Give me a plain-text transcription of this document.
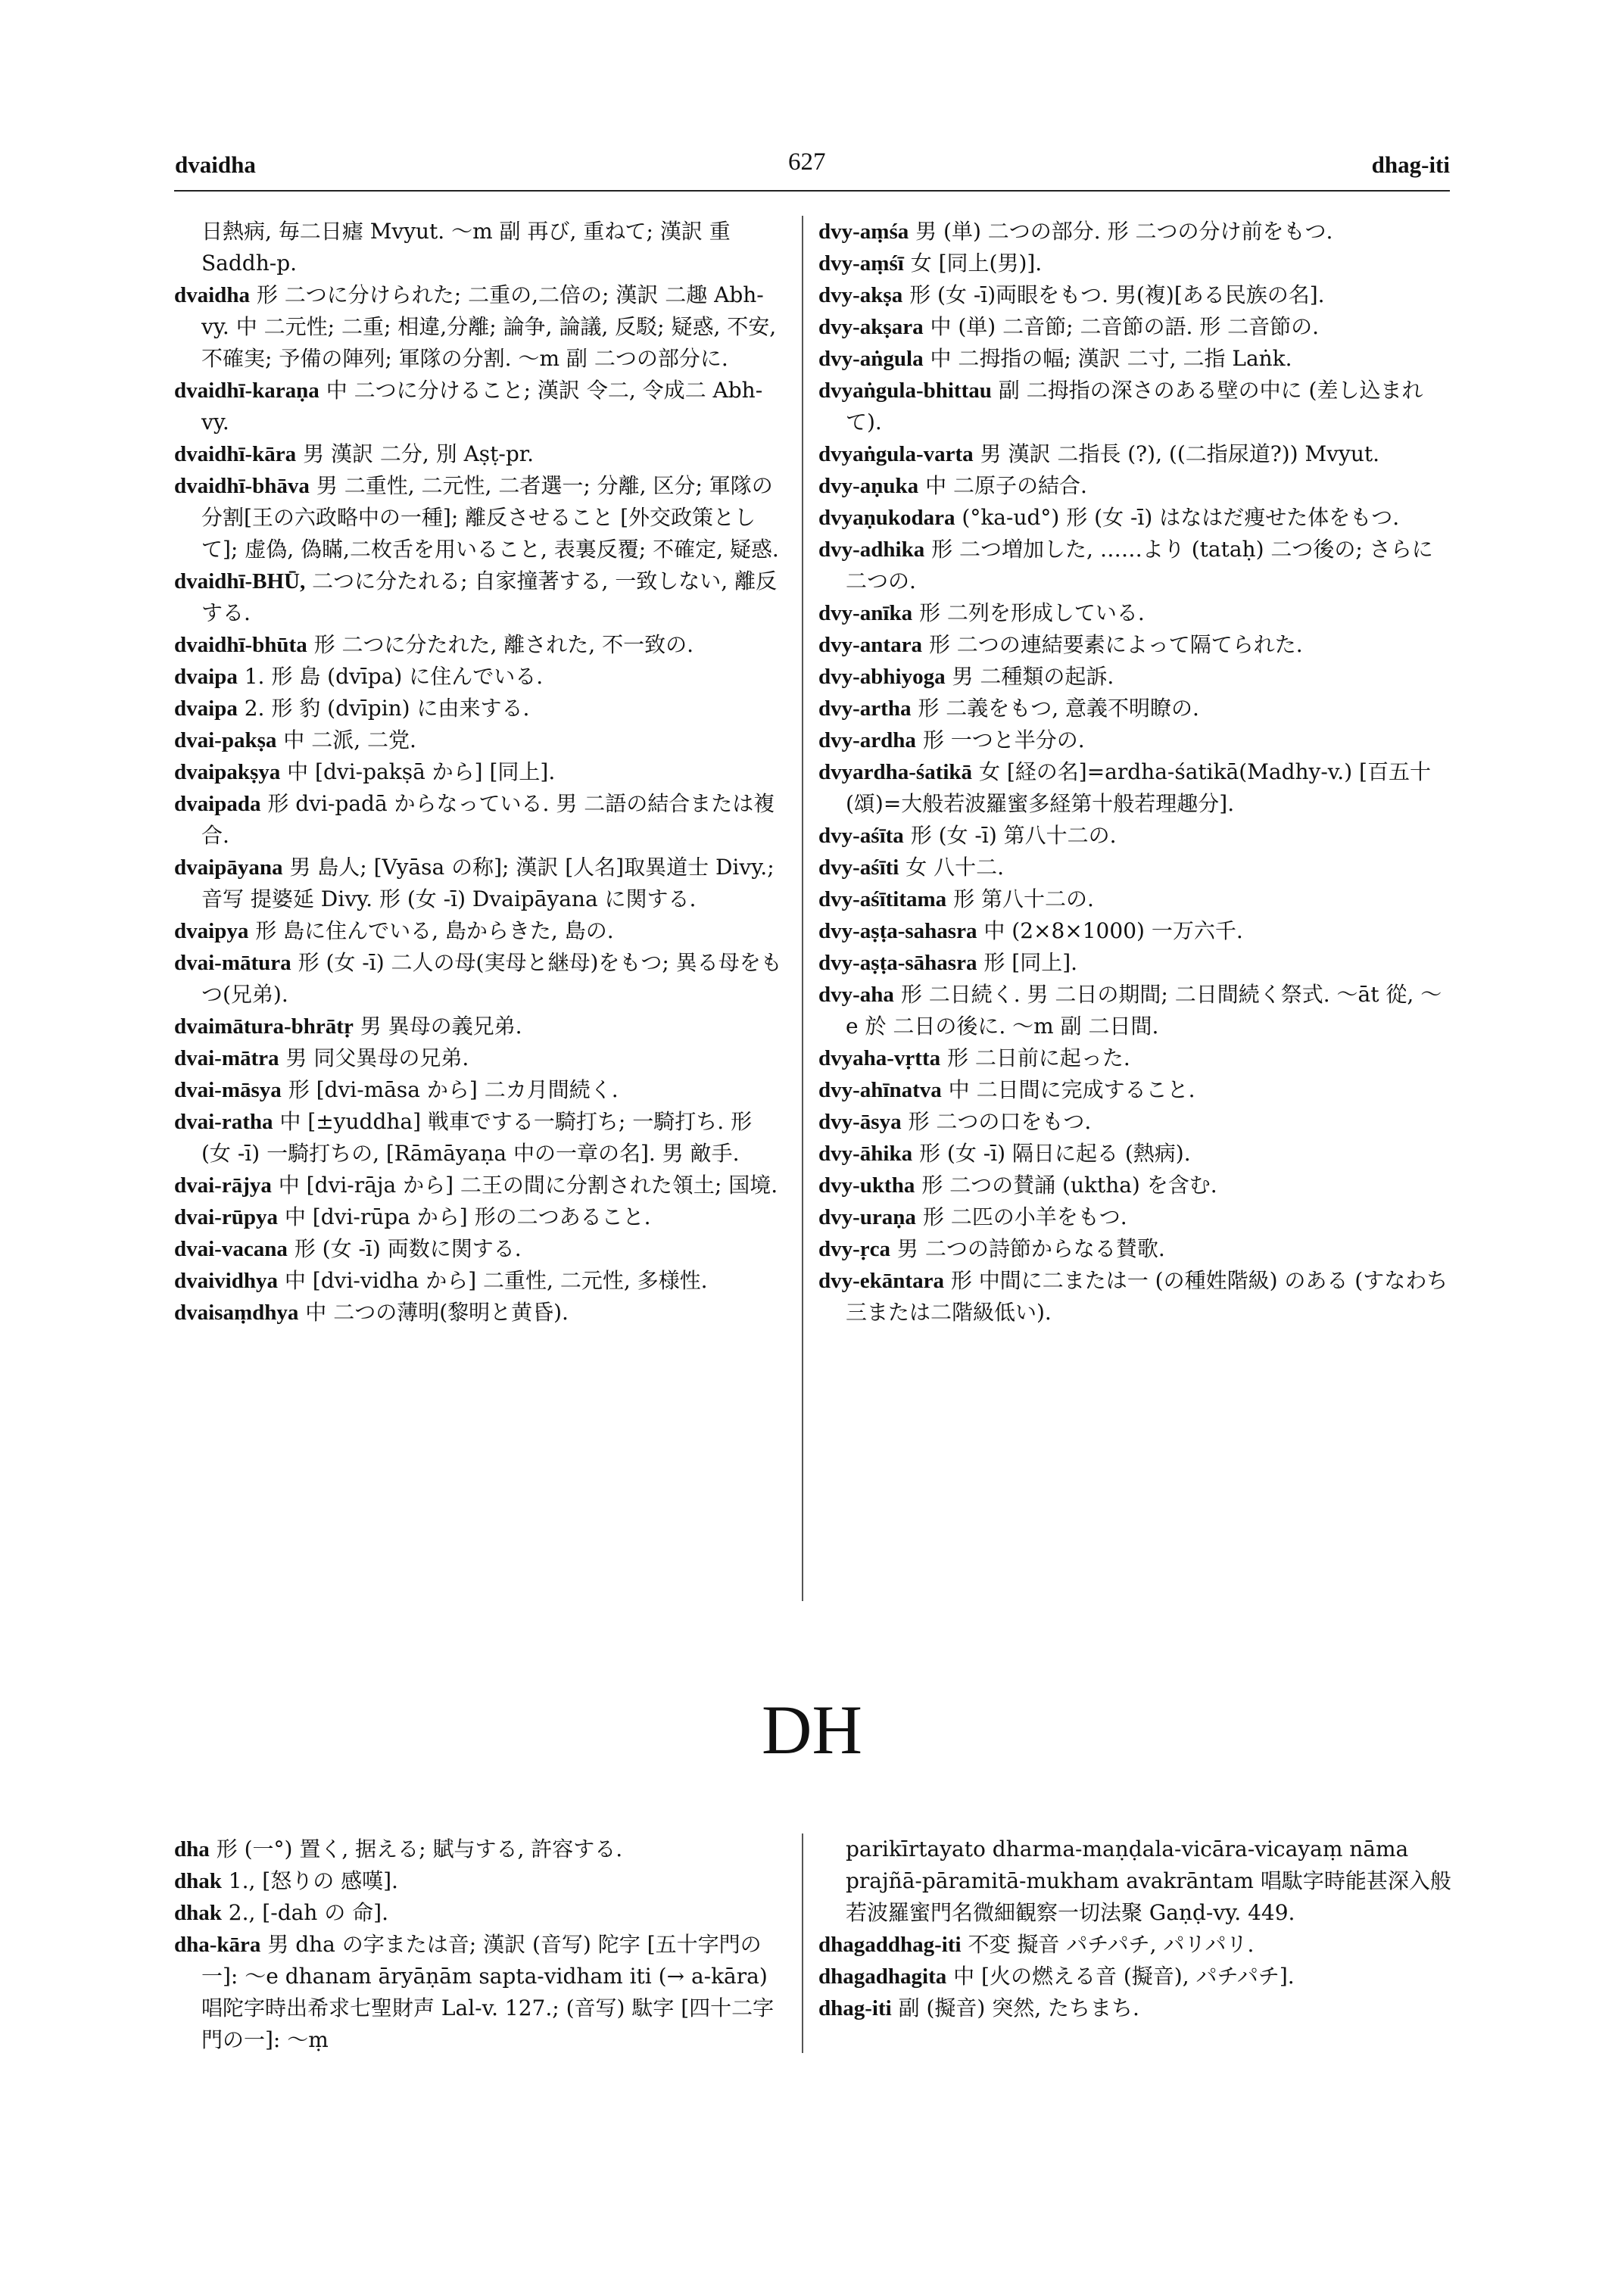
dvaidha	627	dhag-iti
日熱病, 毎二日瘧 Mvyut. ～m 副 再び, 重ねて; 漢訳 重 Saddh-p.
dvaidha 形 二つに分けられた; 二重の,二倍の; 漢訳 二趣 Abh-vy. 中 二元性; 二重; 相違,分離; 論争, 論議, 反駁; 疑惑, 不安, 不確実; 予備の陣列; 軍隊の分割. ～m 副 二つの部分に.
dvaidhī-karaṇa 中 二つに分けること; 漢訳 令二, 令成二 Abh-vy.
dvaidhī-kāra 男 漢訳 二分, 別 Aṣṭ-pr.
dvaidhī-bhāva 男 二重性, 二元性, 二者選一; 分離, 区分; 軍隊の分割[王の六政略中の一種]; 離反させること [外交政策として]; 虚偽, 偽瞞,二枚舌を用いること, 表裏反覆; 不確定, 疑惑.
dvaidhī-BHŪ, 二つに分たれる; 自家撞著する, 一致しない, 離反する.
dvaidhī-bhūta 形 二つに分たれた, 離された, 不一致の.
dvaipa 1. 形 島 (dvīpa) に住んでいる.
dvaipa 2. 形 豹 (dvīpin) に由来する.
dvai-pakṣa 中 二派, 二党.
dvaipakṣya 中 [dvi-pakṣā から] [同上].
dvaipada 形 dvi-padā からなっている. 男 二語の結合または複合.
dvaipāyana 男 島人; [Vyāsa の称]; 漢訳 [人名]取異道士 Divy.; 音写 提婆延 Divy. 形 (女 -ī) Dvaipāyana に関する.
dvaipya 形 島に住んでいる, 島からきた, 島の.
dvai-mātura 形 (女 -ī) 二人の母(実母と継母)をもつ; 異る母をもつ(兄弟).
dvaimātura-bhrātṛ 男 異母の義兄弟.
dvai-mātra 男 同父異母の兄弟.
dvai-māsya 形 [dvi-māsa から] 二カ月間続く.
dvai-ratha 中 [±yuddha] 戦車でする一騎打ち; 一騎打ち. 形 (女 -ī) 一騎打ちの, [Rāmāyaṇa 中の一章の名]. 男 敵手.
dvai-rājya 中 [dvi-rāja から] 二王の間に分割された領土; 国境.
dvai-rūpya 中 [dvi-rūpa から] 形の二つあること.
dvai-vacana 形 (女 -ī) 両数に関する.
dvaividhya 中 [dvi-vidha から] 二重性, 二元性, 多様性.
dvaisaṃdhya 中 二つの薄明(黎明と黄昏).
dvy-aṃśa 男 (単) 二つの部分. 形 二つの分け前をもつ.
dvy-aṃśī 女 [同上(男)].
dvy-akṣa 形 (女 -ī)両眼をもつ. 男(複)[ある民族の名].
dvy-akṣara 中 (単) 二音節; 二音節の語. 形 二音節の.
dvy-aṅgula 中 二拇指の幅; 漢訳 二寸, 二指 Laṅk.
dvyaṅgula-bhittau 副 二拇指の深さのある壁の中に (差し込まれて).
dvyaṅgula-varta 男 漢訳 二指長 (?), ((二指尿道?)) Mvyut.
dvy-aṇuka 中 二原子の結合.
dvyaṇukodara (°ka-ud°) 形 (女 -ī) はなはだ痩せた体をもつ.
dvy-adhika 形 二つ増加した, ……より (tataḥ) 二つ後の; さらに二つの.
dvy-anīka 形 二列を形成している.
dvy-antara 形 二つの連結要素によって隔てられた.
dvy-abhiyoga 男 二種類の起訴.
dvy-artha 形 二義をもつ, 意義不明瞭の.
dvy-ardha 形 一つと半分の.
dvyardha-śatikā 女 [経の名]=ardha-śatikā(Madhy-v.) [百五十(頌)=大般若波羅蜜多経第十般若理趣分].
dvy-aśīta 形 (女 -ī) 第八十二の.
dvy-aśīti 女 八十二.
dvy-aśītitama 形 第八十二の.
dvy-aṣṭa-sahasra 中 (2×8×1000) 一万六千.
dvy-aṣṭa-sāhasra 形 [同上].
dvy-aha 形 二日続く. 男 二日の期間; 二日間続く祭式. ～āt 從, ～e 於 二日の後に. ～m 副 二日間.
dvyaha-vṛtta 形 二日前に起った.
dvy-ahīnatva 中 二日間に完成すること.
dvy-āsya 形 二つの口をもつ.
dvy-āhika 形 (女 -ī) 隔日に起る (熱病).
dvy-uktha 形 二つの賛誦 (uktha) を含む.
dvy-uraṇa 形 二匹の小羊をもつ.
dvy-ṛca 男 二つの詩節からなる賛歌.
dvy-ekāntara 形 中間に二または一 (の種姓階級) のある (すなわち三または二階級低い).
DH
dha 形 (一°) 置く, 据える; 賦与する, 許容する.
dhak 1., [怒りの 感嘆].
dhak 2., [-dah の 命].
dha-kāra 男 dha の字または音; 漢訳 (音写) 陀字 [五十字門の一]: ～e dhanam āryāṇām sapta-vidham iti (→ a-kāra) 唱陀字時出希求七聖財声 Lal-v. 127.; (音写) 駄字 [四十二字門の一]: ～ṃ
parikīrtayato dharma-maṇḍala-vicāra-vicayaṃ nāma prajñā-pāramitā-mukham avakrāntam 唱駄字時能甚深入般若波羅蜜門名微細観察一切法聚 Gaṇḍ-vy. 449.
dhagaddhag-iti 不変 擬音 パチパチ, パリパリ.
dhagadhagita 中 [火の燃える音 (擬音), パチパチ].
dhag-iti 副 (擬音) 突然, たちまち.
